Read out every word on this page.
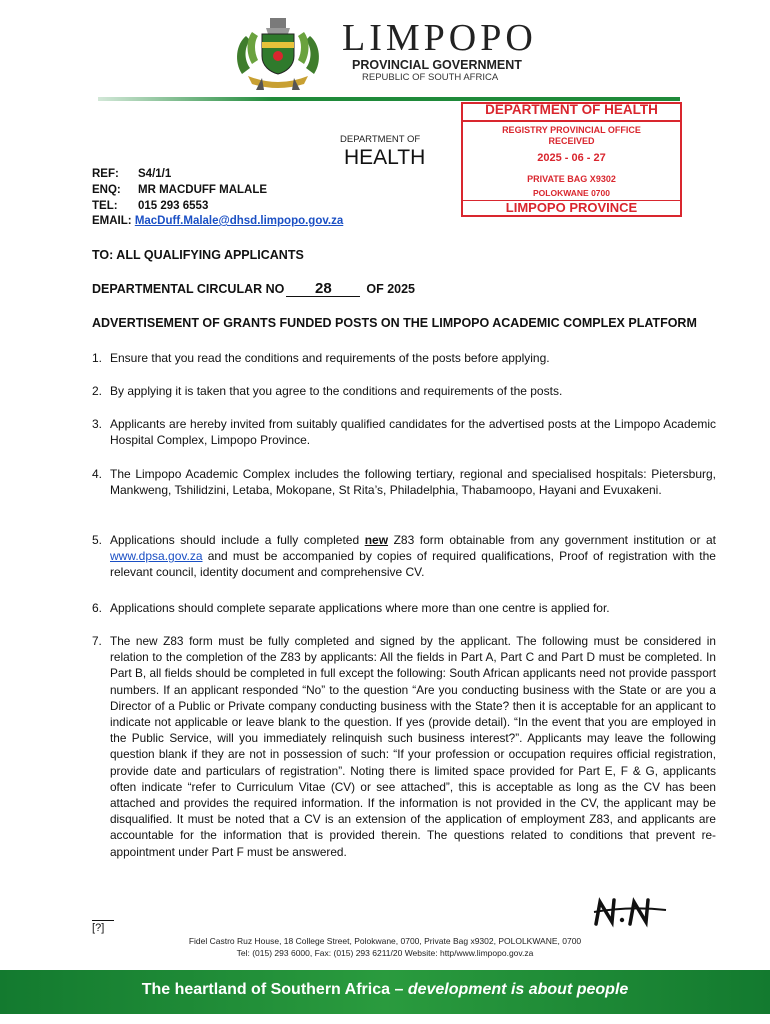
LIMPOPO
PROVINCIAL GOVERNMENT
REPUBLIC OF SOUTH AFRICA
DEPARTMENT OF HEALTH
REGISTRY PROVINCIAL OFFICE
RECEIVED
2025 - 06 - 27
PRIVATE BAG X9302
POLOKWANE 0700
LIMPOPO PROVINCE
DEPARTMENT OF
HEALTH
REF: S4/1/1
ENQ: MR MACDUFF MALALE
TEL: 015 293 6553
EMAIL: MacDuff.Malale@dhsd.limpopo.gov.za
TO: ALL QUALIFYING APPLICANTS
DEPARTMENTAL CIRCULAR NO 28	OF 2025
ADVERTISEMENT OF GRANTS FUNDED POSTS ON THE LIMPOPO ACADEMIC COMPLEX PLATFORM
1. Ensure that you read the conditions and requirements of the posts before applying.
2. By applying it is taken that you agree to the conditions and requirements of the posts.
3. Applicants are hereby invited from suitably qualified candidates for the advertised posts at the Limpopo Academic Hospital Complex, Limpopo Province.
4. The Limpopo Academic Complex includes the following tertiary, regional and specialised hospitals: Pietersburg, Mankweng, Tshilidzini, Letaba, Mokopane, St Rita’s, Philadelphia, Thabamoopo, Hayani and Evuxakeni.
5. Applications should include a fully completed new Z83 form obtainable from any government institution or at www.dpsa.gov.za and must be accompanied by copies of required qualifications, Proof of registration with the relevant council, identity document and comprehensive CV.
6. Applications should complete separate applications where more than one centre is applied for.
7. The new Z83 form must be fully completed and signed by the applicant. The following must be considered in relation to the completion of the Z83 by applicants: All the fields in Part A, Part C and Part D must be completed. In Part B, all fields should be completed in full except the following: South African applicants need not provide passport numbers. If an applicant responded “No” to the question “Are you conducting business with the State or are you a Director of a Public or Private company conducting business with the State? then it is acceptable for an applicant to indicate not applicable or leave blank to the question. If yes (provide detail). “In the event that you are employed in the Public Service, will you immediately relinquish such business interest?”. Applicants may leave the following question blank if they are not in possession of such: “If your profession or occupation requires official registration, provide date and particulars of registration”. Noting there is limited space provided for Part E, F & G, applicants often indicate “refer to Curriculum Vitae (CV) or see attached”, this is acceptable as long as the CV has been attached and provides the required information. If the information is not provided in the CV, the applicant may be disqualified. It must be noted that a CV is an extension of the application of employment Z83, and applicants are accountable for the information that is provided therein. The questions related to conditions that prevent re-appointment under Part F must be answered.
[?]
Fidel Castro Ruz House, 18 College Street, Polokwane, 0700, Private Bag x9302, POLOLKWANE, 0700
Tel: (015) 293 6000, Fax: (015) 293 6211/20 Website: http/www.limpopo.gov.za
The heartland of Southern Africa – development is about people
